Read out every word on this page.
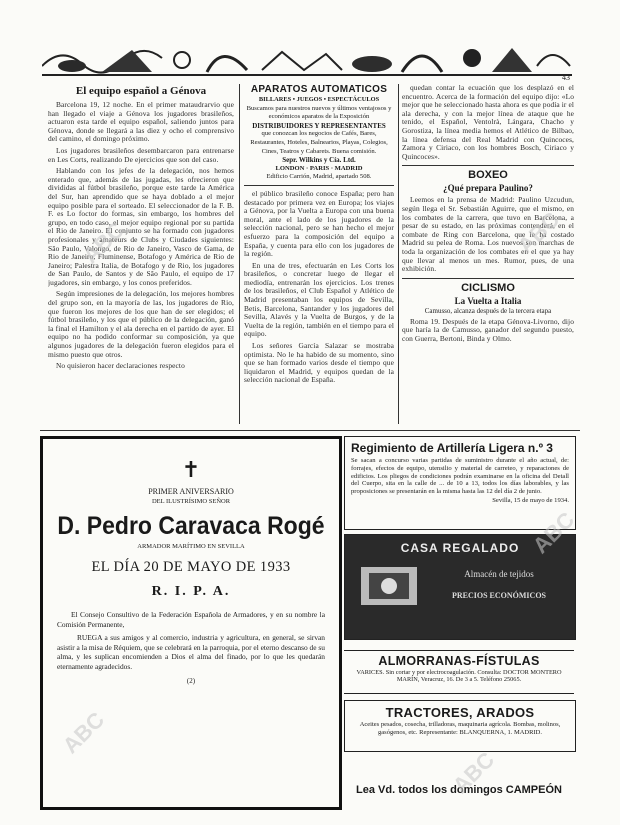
43
El equipo español a Génova

Barcelona 19, 12 noche. En el primer mataudrarvio que han llegado el viaje a Génova los jugadores brasileños, actuaron esta tarde el equipo español, saliendo juntos para Génova, donde se llegará a las diez y ocho el comprensivo del camino, el domingo próximo.

Los jugadores brasileños desembarcaron para entrenarse en Les Corts, realizando De ejercicios que son del caso.

Hablando con los jefes de la delegación, nos hemos enterado que, además de las jugadas, les ofrecieron que divididas al fútbol brasileño, porque este tarde la América del Sur, han aprendido que se haya doblado a el mejor equipo posible para el sorteado. El seleccionador de la F. B. F. es Lo foctor do formas, sin embargo, los hombres del grupo, en todo caso, el mejor equipo regional por su partida el Rio de Janeiro. El conjunto se ha formado con jugadores profesionales y amateurs de Clubs y Ciudades siguientes: São Paulo, Valongo, de Rio de Janeiro, Vasco de Gama, de Rio de Janeiro, Fluminense, Botafogo y América de Rio de Janeiro; Palestra Italia, de Botafogo y de Rio, los jugadores de San Paulo, de Santos y de São Paulo, el equipo de 17 jugadores, sin embargo, y los conos preferidos.

Según impresiones de la delegación, los mejores hombres del grupo son, en la mayoría de las, los jugadores de Rio, que fueron los mejores de los que han de ser elegidos; el fútbol brasileño, y los que el público de la delegación, ganó la final el Hamilton y el ala derecha en el partido de ayer. El equipo no ha podido conformar su composición, ya que algunos jugadores de la delegación fueron elegidos para el mismo puesto que otros.

No quisieron hacer declaraciones respecto

APARATOS AUTOMATICOS
BILLARES • JUEGOS • ESPECTÁCULOS
Buscamos para nuestros nuevos y últimos ventajosos y económicos aparatos de la Exposición
DISTRIBUIDORES Y REPRESENTANTES
que conozcan los negocios de Cafés, Bares, Restaurantes, Hoteles, Balnearios, Playas, Colegios, Cines, Teatros y Cabarets. Buena comisión.
Sepr. Wilkins y Cía. Ltd.
LONDON · PARIS · MADRID
Edificio Carrión, Madrid, apartado 508.

el público brasileño conoce España; pero han destacado por primera vez en Europa; los viajes a Génova, por la Vuelta a Europa con una buena moral, ante el lado de los jugadores de la selección nacional, pero se han hecho el mejor esfuerzo para la composición del equipo a España, y cuenta para ello con los jugadores de la región.

En una de tres, efectuarán en Les Corts los brasileños, o concretar luego de llegar el mediodía, entrenarán los ejercicios. Los trenes de los brasileños, el Club Español y Atlético de Madrid presentaban los equipos de Sevilla, Betis, Barcelona, Santander y los jugadores del Sevilla, Alavés y la Vuelta de Burgos, y de la Vuelta de la región, también en el tiempo para el equipo.

Los señores García Salazar se mostraba optimista. No le ha habido de su momento, sino que se han formado varios desde el tiempo que liquidaron el Madrid, y equipos quedan de la selección nacional de España.

quedan contar la ecuación que los desplazó en el encuentro. Acerca de la formación del equipo dijo: «Lo mejor que he seleccionado hasta ahora es que podía ir el ala derecha, y con la mejor línea de ataque que he tenido, el Español, Ventolrà, Lángara, Chacho y Gorostiza, la línea media hemos el Atlético de Bilbao, la línea defensa del Real Madrid con Quincoces, Zamora y Ciriaco, con los hombres Bosch, Ciriaco y Quincoces».

BOXEO
¿Qué prepara Paulino?

Leemos en la prensa de Madrid: Paulino Uzcudun, según llega el Sr. Sebastián Aguirre, que el mismo, en los combates de la carrera, que tuvo en Barcelona, a pesar de su estado, en las próximas contenderá, en el combate de Ring con Barcelona, que le ha costado Madrid su pelea de Roma. Los nuevos son marchas de toda la organización de los combates en el que ya hay que llevar al menos un mes. Rumor, pues, de una exhibición.

CICLISMO
La Vuelta a Italia
Camusso, alcanza después de la tercera etapa

Roma 19. Después de la etapa Génova-Livorno, dijo que haría la de Camusso, ganador del segundo puesto, con Guerra, Bertoni, Binda y Olmo.

✝
PRIMER ANIVERSARIO
DEL ILUSTRÍSIMO SEÑOR
D. Pedro Caravaca Rogé
ARMADOR MARÍTIMO EN SEVILLA
EL DÍA 20 DE MAYO DE 1933
R. I. P. A.
El Consejo Consultivo de la Federación Española de Armadores, y en su nombre la Comisión Permanente,
RUEGA a sus amigos y al comercio, industria y agricultura, en general, se sirvan asistir a la misa de Réquiem, que se celebrará en la parroquia, por el eterno descanso de su alma, y les suplican encomienden a Dios el alma del finado, por lo que les quedarán eternamente agradecidos.
(2)
Regimiento de Artillería Ligera n.º 3
Se sacan a concurso varias partidas de suministro durante el año actual, de: forrajes, efectos de equipo, utensilio y material de carreteo, y reparaciones de edificios. Los pliegos de condiciones podrán examinarse en la oficina del Detall del Cuerpo, sita en la calle de ... de 10 a 13, todos los días laborables, y las proposiciones se presentarán en la misma hasta las 12 del día 2 de junio.
Sevilla, 15 de mayo de 1934.
CASA REGALADO
Almacén de tejidos
PRECIOS ECONÓMICOS
ALMORRANAS-FÍSTULAS
VARICES. Sin cortar y por electrocoagulación. Consulta: DOCTOR MONTERO MARÍN, Veracruz, 16. De 3 a 5. Teléfono 25065.
TRACTORES, ARADOS
Aceites pesados, cosecha, trilladoras, maquinaria agrícola. Bombas, molinos, gasógenos, etc. Representante: BLANQUERNA, 1. MADRID.
Lea Vd. todos los domingos CAMPEÓN
ABC
ABC
ABC
ABC
ABC
